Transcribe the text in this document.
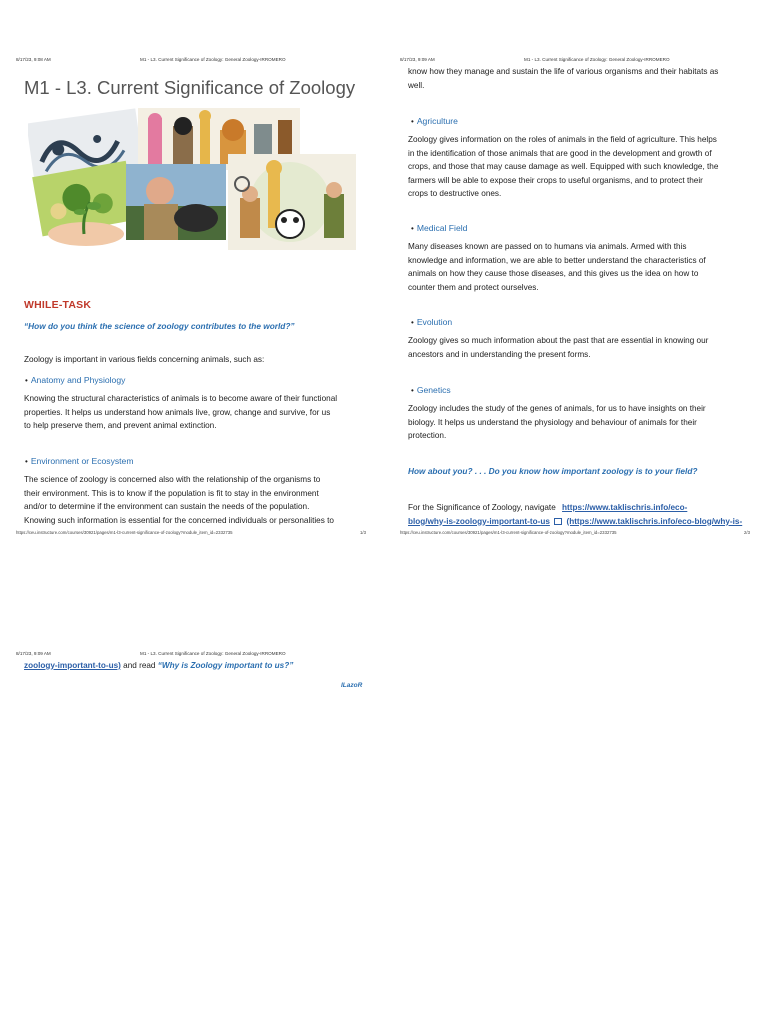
8/17/23, 9:08 AM	M1 - L3. Current Significance of Zoology: General Zoology-IRROMERO
M1 - L3. Current Significance of Zoology
WHILE-TASK
“How do you think the science of zoology contributes to the world?”

Zoology is important in various fields concerning animals, such as:

• Anatomy and Physiology
Knowing the structural characteristics of animals is to become aware of their functional
properties. It helps us understand how animals live, grow, change and survive, for us
to help preserve them, and prevent animal extinction.
• Environment or Ecosystem
The science of zoology is concerned also with the relationship of the organisms to
their environment. This is to know if the population is fit to stay in the environment
and/or to determine if the environment can sustain the needs of the population.
Knowing such information is essential for the concerned individuals or personalities to
https://ceu.instructure.com/courses/30921/pages/m1-l3-current-significance-of-zoology?module_item_id=2332735	1/3
8/17/23, 9:09 AM	M1 - L3. Current Significance of Zoology: General Zoology-IRROMERO
know how they manage and sustain the life of various organisms and their habitats as
well.
• Agriculture
Zoology gives information on the roles of animals in the field of agriculture. This helps
in the identification of those animals that are good in the development and growth of
crops, and those that may cause damage as well. Equipped with such knowledge, the
farmers will be able to expose their crops to useful organisms, and to protect their
crops to destructive ones.
• Medical Field
Many diseases known are passed on to humans via animals. Armed with this
knowledge and information, we are able to better understand the characteristics of
animals on how they cause those diseases, and this gives us the idea on how to
counter them and protect ourselves.
• Evolution
Zoology gives so much information about the past that are essential in knowing our
ancestors and in understanding the present forms.
• Genetics
Zoology includes the study of the genes of animals, for us to have insights on their
biology. It helps us understand the physiology and behaviour of animals for their
protection.
How about you? . . . Do you know how important zoology is to your field?
For the Significance of Zoology, navigate https://www.taklischris.info/eco-
blog/why-is-zoology-important-to-us (https://www.taklischris.info/eco-blog/why-is-
https://ceu.instructure.com/courses/30921/pages/m1-l3-current-significance-of-zoology?module_item_id=2332735	2/3
8/17/23, 9:09 AM	M1 - L3. Current Significance of Zoology: General Zoology-IRROMERO
zoology-important-to-us) and read “Why is Zoology important to us?”
ILazoR
